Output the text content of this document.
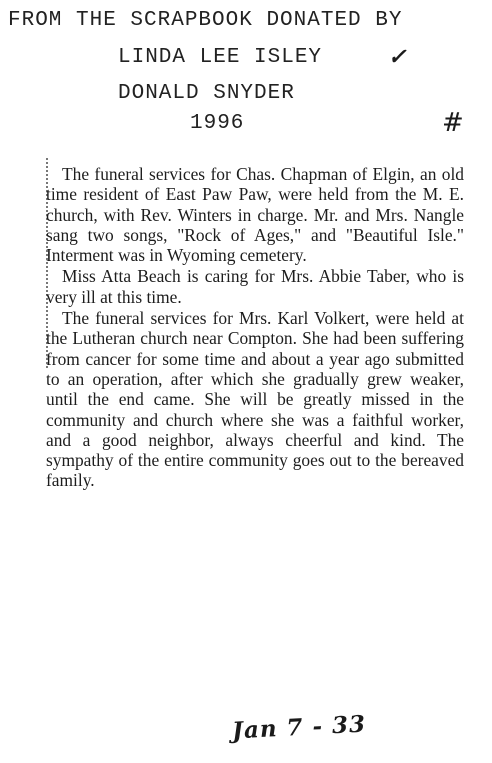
FROM THE SCRAPBOOK DONATED BY

LINDA LEE ISLEY

DONALD SNYDER

1996

✓
#

The funeral services for Chas. Chapman of Elgin, an old time resident of East Paw Paw, were held from the M. E. church, with Rev. Winters in charge. Mr. and Mrs. Nangle sang two songs, "Rock of Ages," and "Beautiful Isle." Interment was in Wyoming cemetery.

Miss Atta Beach is caring for Mrs. Abbie Taber, who is very ill at this time.

The funeral services for Mrs. Karl Volkert, were held at the Lutheran church near Compton. She had been suffering from cancer for some time and about a year ago submitted to an operation, after which she gradually grew weaker, until the end came. She will be greatly missed in the community and church where she was a faithful worker, and a good neighbor, always cheerful and kind. The sympathy of the entire community goes out to the bereaved family.

Jan 7 - 33
